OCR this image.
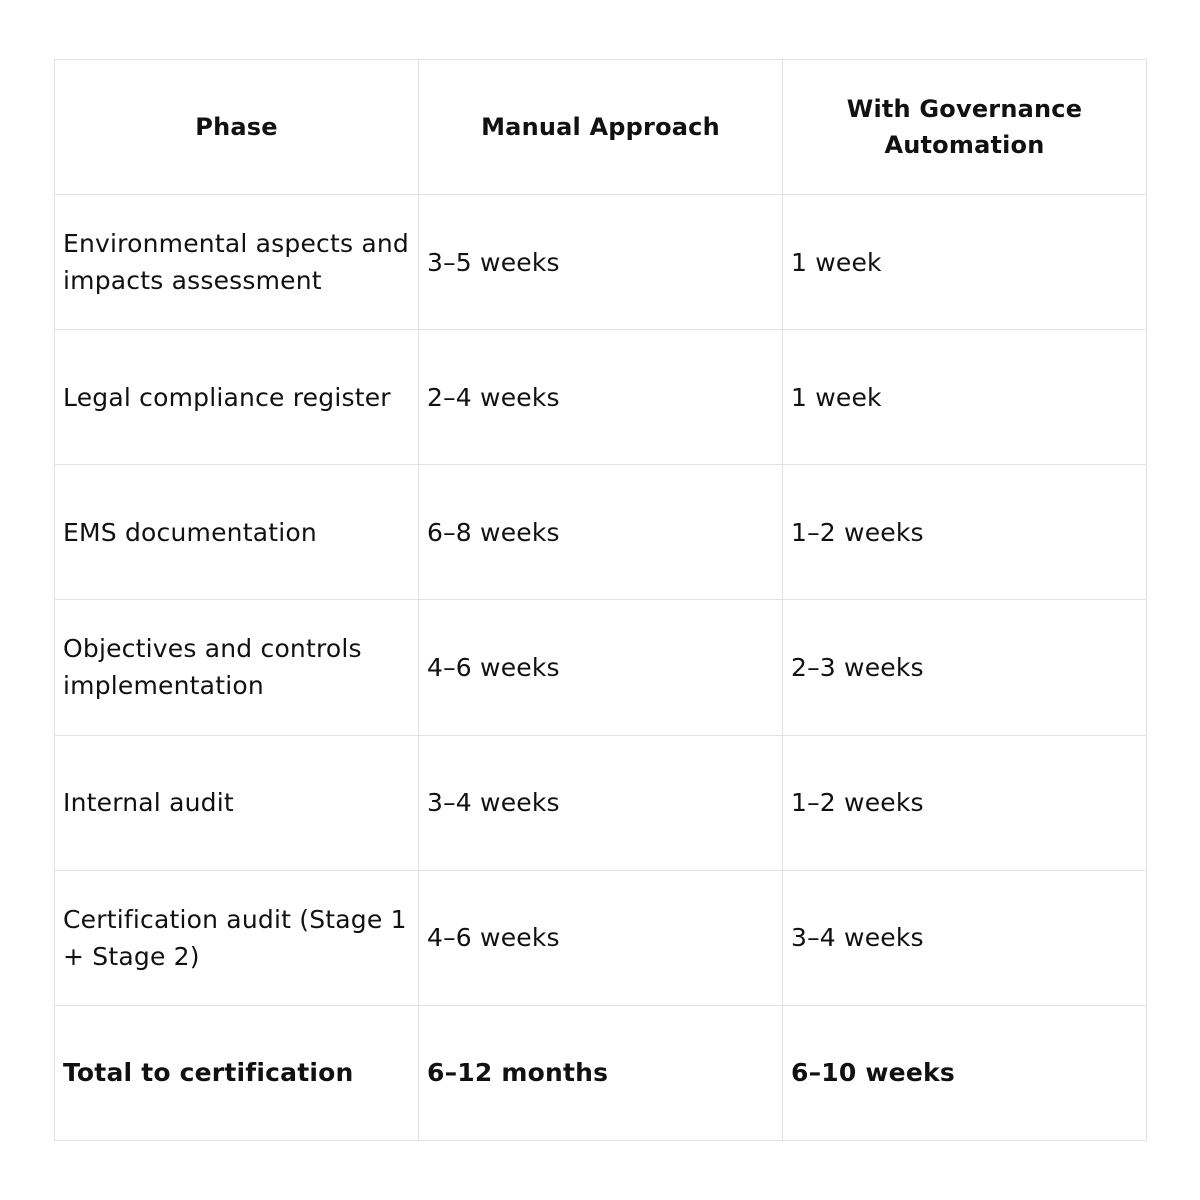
Phase	Manual Approach	With Governance Automation
Environmental aspects and impacts assessment	3–5 weeks	1 week
Legal compliance register	2–4 weeks	1 week
EMS documentation	6–8 weeks	1–2 weeks
Objectives and controls implementation	4–6 weeks	2–3 weeks
Internal audit	3–4 weeks	1–2 weeks
Certification audit (Stage 1 + Stage 2)	4–6 weeks	3–4 weeks
Total to certification	6–12 months	6–10 weeks
